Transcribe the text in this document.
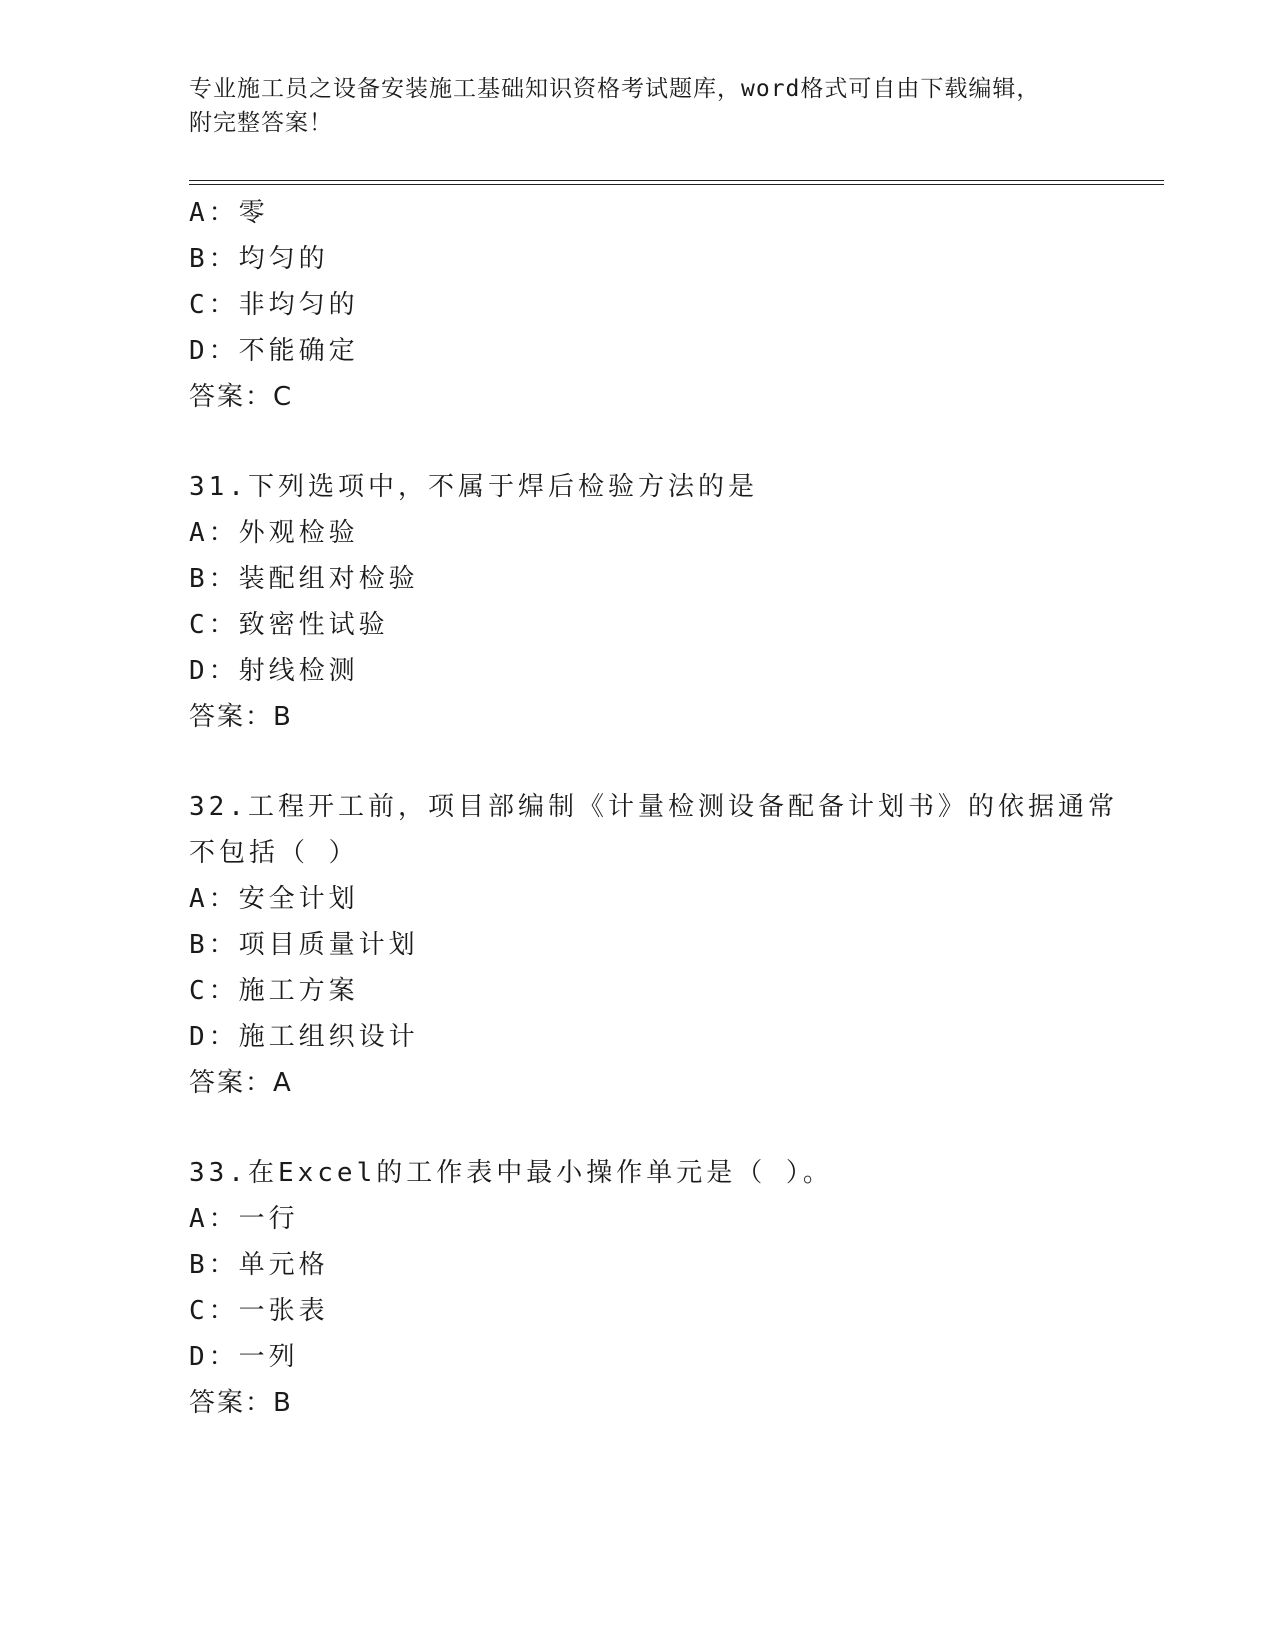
专业施工员之设备安装施工基础知识资格考试题库，word格式可自由下载编辑，
附完整答案！
A：零
B：均匀的
C：非均匀的
D：不能确定
答案：C
31.下列选项中，不属于焊后检验方法的是
A：外观检验
B：装配组对检验
C：致密性试验
D：射线检测
答案：B
32.工程开工前，项目部编制《计量检测设备配备计划书》的依据通常
不包括（ ）
A：安全计划
B：项目质量计划
C：施工方案
D：施工组织设计
答案：A
33.在Excel的工作表中最小操作单元是（ ）。
A：一行
B：单元格
C：一张表
D：一列
答案：B
